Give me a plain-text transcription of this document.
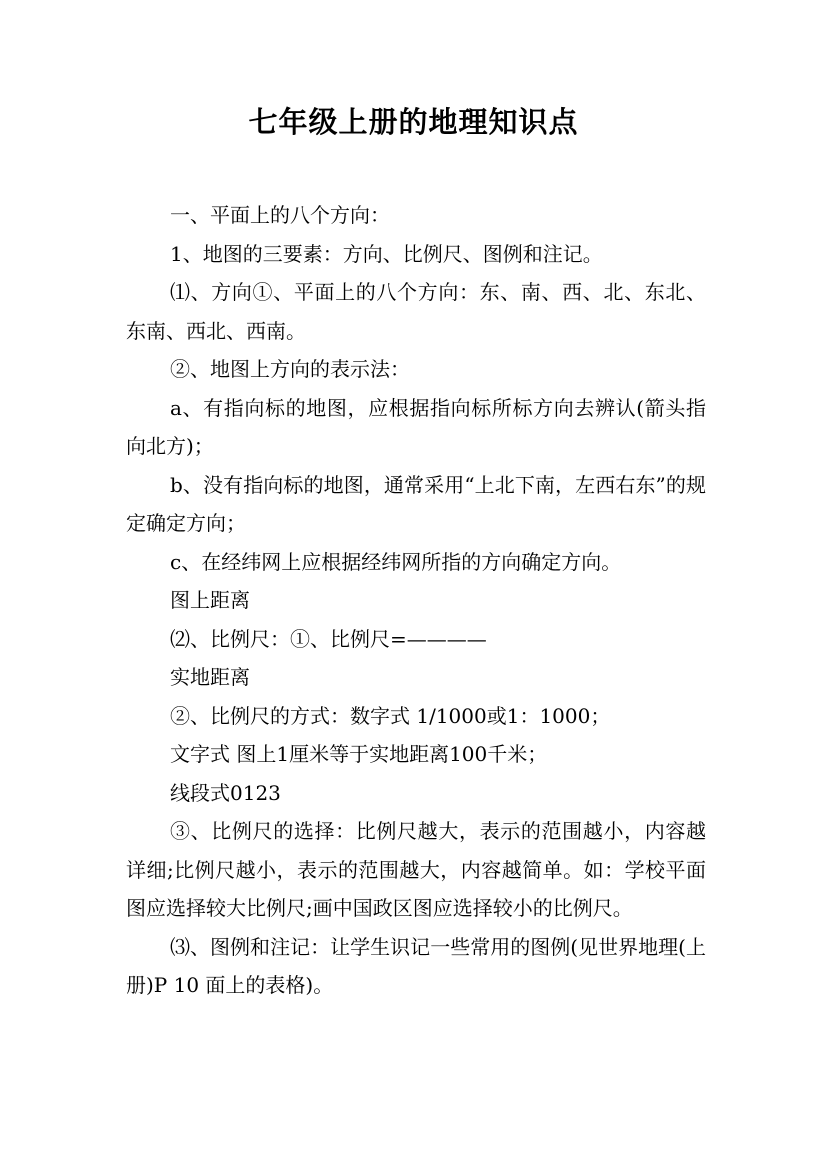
七年级上册的地理知识点

一、平面上的八个方向：

1、地图的三要素：方向、比例尺、图例和注记。

⑴、方向①、平面上的八个方向：东、南、西、北、东北、东南、西北、西南。

②、地图上方向的表示法：

a、有指向标的地图，应根据指向标所标方向去辨认(箭头指向北方)；

b、没有指向标的地图，通常采用“上北下南，左西右东”的规定确定方向；

c、在经纬网上应根据经纬网所指的方向确定方向。

图上距离

⑵、比例尺：①、比例尺=————

实地距离

②、比例尺的方式：数字式 1/1000或1：1000；

文字式 图上1厘米等于实地距离100千米；

线段式0123

③、比例尺的选择：比例尺越大，表示的范围越小，内容越详细;比例尺越小，表示的范围越大，内容越简单。如：学校平面图应选择较大比例尺;画中国政区图应选择较小的比例尺。

⑶、图例和注记：让学生识记一些常用的图例(见世界地理(上册)P 10 面上的表格)。
